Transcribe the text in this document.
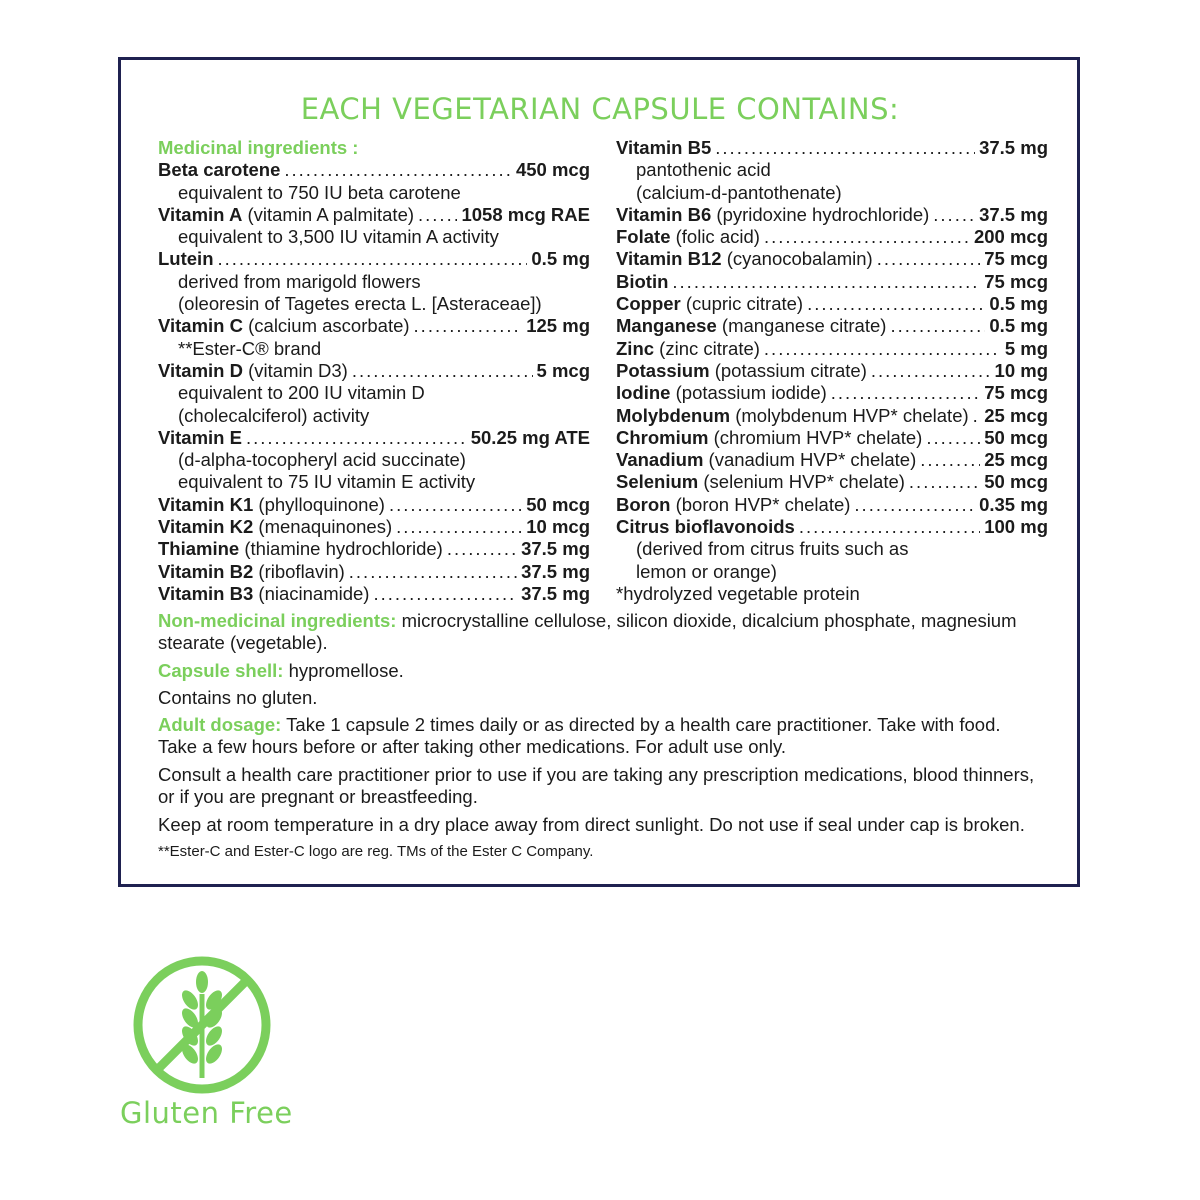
EACH VEGETARIAN CAPSULE CONTAINS:
Medicinal ingredients :
Beta carotene .....	450 mcg
equivalent to 750 IU beta carotene
Vitamin A (vitamin A palmitate) .....	1058 mcg RAE
equivalent to 3,500 IU vitamin A activity
Lutein .....	0.5 mg
derived from marigold flowers
(oleoresin of Tagetes erecta L. [Asteraceae])
Vitamin C (calcium ascorbate) .....	125 mg
**Ester-C® brand
Vitamin D (vitamin D3) .....	5 mcg
equivalent to 200 IU vitamin D
(cholecalciferol) activity
Vitamin E .....	50.25 mg ATE
(d-alpha-tocopheryl acid succinate)
equivalent to 75 IU vitamin E activity
Vitamin K1 (phylloquinone) .....	50 mcg
Vitamin K2 (menaquinones) .....	10 mcg
Thiamine (thiamine hydrochloride) .....	37.5 mg
Vitamin B2 (riboflavin) .....	37.5 mg
Vitamin B3 (niacinamide) .....	37.5 mg
Vitamin B5 .....	37.5 mg
pantothenic acid
(calcium-d-pantothenate)
Vitamin B6 (pyridoxine hydrochloride) .....	37.5 mg
Folate (folic acid) .....	200 mcg
Vitamin B12 (cyanocobalamin) .....	75 mcg
Biotin .....	75 mcg
Copper (cupric citrate) .....	0.5 mg
Manganese (manganese citrate) .....	0.5 mg
Zinc (zinc citrate) .....	5 mg
Potassium (potassium citrate) .....	10 mg
Iodine (potassium iodide) .....	75 mcg
Molybdenum (molybdenum HVP* chelate) ..... 25 mcg
Chromium (chromium HVP* chelate) .....	50 mcg
Vanadium (vanadium HVP* chelate) .....	25 mcg
Selenium (selenium HVP* chelate) .....	50 mcg
Boron (boron HVP* chelate) .....	0.35 mg
Citrus bioflavonoids .....	100 mg
(derived from citrus fruits such as
lemon or orange)
*hydrolyzed vegetable protein

Non-medicinal ingredients: microcrystalline cellulose, silicon dioxide, dicalcium phosphate, magnesium stearate (vegetable).

Capsule shell: hypromellose.

Contains no gluten.

Adult dosage: Take 1 capsule 2 times daily or as directed by a health care practitioner. Take with food. Take a few hours before or after taking other medications. For adult use only.

Consult a health care practitioner prior to use if you are taking any prescription medications, blood thinners, or if you are pregnant or breastfeeding.

Keep at room temperature in a dry place away from direct sunlight. Do not use if seal under cap is broken.

**Ester-C and Ester-C logo are reg. TMs of the Ester C Company.
Gluten Free
